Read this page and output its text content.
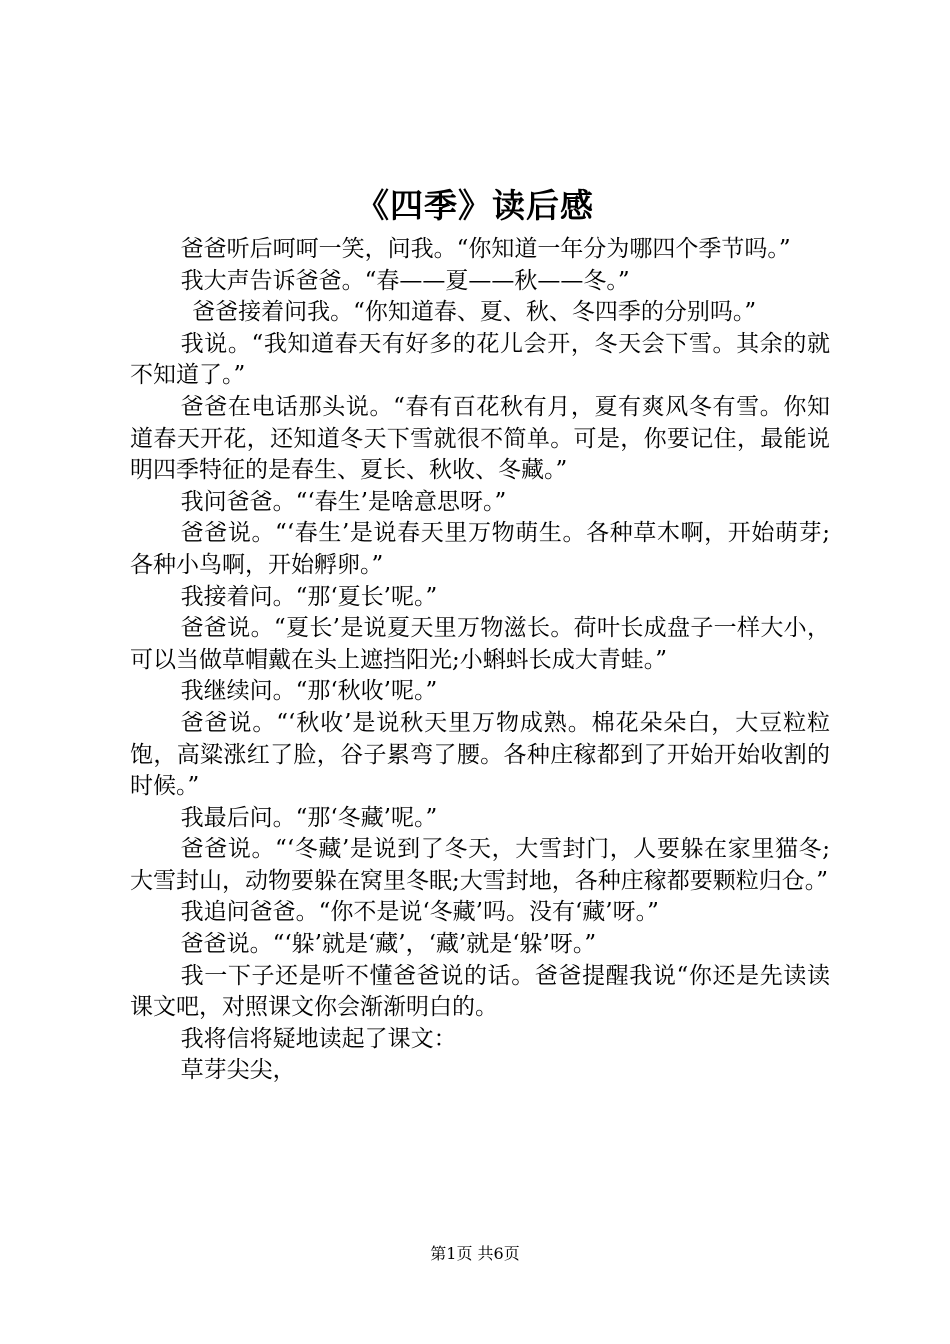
《四季》读后感

爸爸听后呵呵一笑，问我。“你知道一年分为哪四个季节吗。”

我大声告诉爸爸。“春——夏——秋——冬。”

爸爸接着问我。“你知道春、夏、秋、冬四季的分别吗。”

我说。“我知道春天有好多的花儿会开，冬天会下雪。其余的就不知道了。”

爸爸在电话那头说。“春有百花秋有月，夏有爽风冬有雪。你知道春天开花，还知道冬天下雪就很不简单。可是，你要记住，最能说明四季特征的是春生、夏长、秋收、冬藏。”

我问爸爸。“‘春生’是啥意思呀。”

爸爸说。“‘春生’是说春天里万物萌生。各种草木啊，开始萌芽;各种小鸟啊，开始孵卵。”

我接着问。“那‘夏长’呢。”

爸爸说。“夏长’是说夏天里万物滋长。荷叶长成盘子一样大小，可以当做草帽戴在头上遮挡阳光;小蝌蚪长成大青蛙。”

我继续问。“那‘秋收’呢。”

爸爸说。“‘秋收’是说秋天里万物成熟。棉花朵朵白，大豆粒粒饱，高粱涨红了脸，谷子累弯了腰。各种庄稼都到了开始开始收割的时候。”

我最后问。“那‘冬藏’呢。”

爸爸说。“‘冬藏’是说到了冬天，大雪封门，人要躲在家里猫冬;大雪封山，动物要躲在窝里冬眠;大雪封地，各种庄稼都要颗粒归仓。”

我追问爸爸。“你不是说‘冬藏’吗。没有‘藏’呀。”

爸爸说。“‘躲’就是‘藏’，‘藏’就是‘躲’呀。”

我一下子还是听不懂爸爸说的话。爸爸提醒我说“你还是先读读课文吧，对照课文你会渐渐明白的。

我将信将疑地读起了课文：

草芽尖尖，

第1页 共6页
